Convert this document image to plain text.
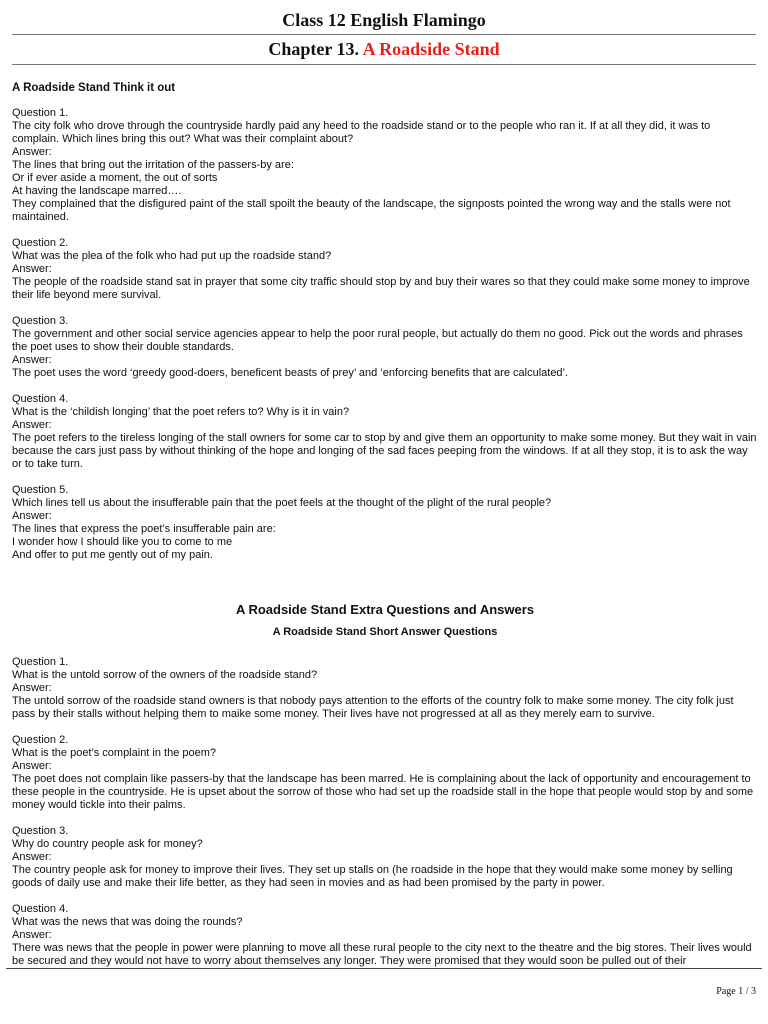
Class 12 English Flamingo
Chapter 13. A Roadside Stand
A Roadside Stand Think it out
Question 1.
The city folk who drove through the countryside hardly paid any heed to the roadside stand or to the people who ran it. If at all they did, it was to complain. Which lines bring this out? What was their complaint about?
Answer:
The lines that bring out the irritation of the passers-by are:
Or if ever aside a moment, the out of sorts
At having the landscape marred….
They complained that the disfigured paint of the stall spoilt the beauty of the landscape, the signposts pointed the wrong way and the stalls were not maintained.
Question 2.
What was the plea of the folk who had put up the roadside stand?
Answer:
The people of the roadside stand sat in prayer that some city traffic should stop by and buy their wares so that they could make some money to improve their life beyond mere survival.
Question 3.
The government and other social service agencies appear to help the poor rural people, but actually do them no good. Pick out the words and phrases the poet uses to show their double standards.
Answer:
The poet uses the word ‘greedy good-doers, beneficent beasts of prey’ and ‘enforcing benefits that are calculated’.
Question 4.
What is the ‘childish longing’ that the poet refers to? Why is it in vain?
Answer:
The poet refers to the tireless longing of the stall owners for some car to stop by and give them an opportunity to make some money. But they wait in vain because the cars just pass by without thinking of the hope and longing of the sad faces peeping from the windows. If at all they stop, it is to ask the way or to take turn.
Question 5.
Which lines tell us about the insufferable pain that the poet feels at the thought of the plight of the rural people?
Answer:
The lines that express the poet’s insufferable pain are:
I wonder how I should like you to come to me
And offer to put me gently out of my pain.
A Roadside Stand Extra Questions and Answers
A Roadside Stand Short Answer Questions
Question 1.
What is the untold sorrow of the owners of the roadside stand?
Answer:
The untold sorrow of the roadside stand owners is that nobody pays attention to the efforts of the country folk to make some money. The city folk just pass by their stalls without helping them to maike some money. Their lives have not progressed at all as they merely earn to survive.
Question 2.
What is the poet’s complaint in the poem?
Answer:
The poet does not complain like passers-by that the landscape has been marred. He is complaining about the lack of opportunity and encouragement to these people in the countryside. He is upset about the sorrow of those who had set up the roadside stall in the hope that people would stop by and some money would tickle into their palms.
Question 3.
Why do country people ask for money?
Answer:
The country people ask for money to improve their lives. They set up stalls on (he roadside in the hope that they would make some money by selling goods of daily use and make their life better, as they had seen in movies and as had been promised by the party in power.
Question 4.
What was the news that was doing the rounds?
Answer:
There was news that the people in power were planning to move all these rural people to the city next to the theatre and the big stores. Their lives would be secured and they would not have to worry about themselves any longer. They were promised that they would soon be pulled out of their
Page 1 / 3
